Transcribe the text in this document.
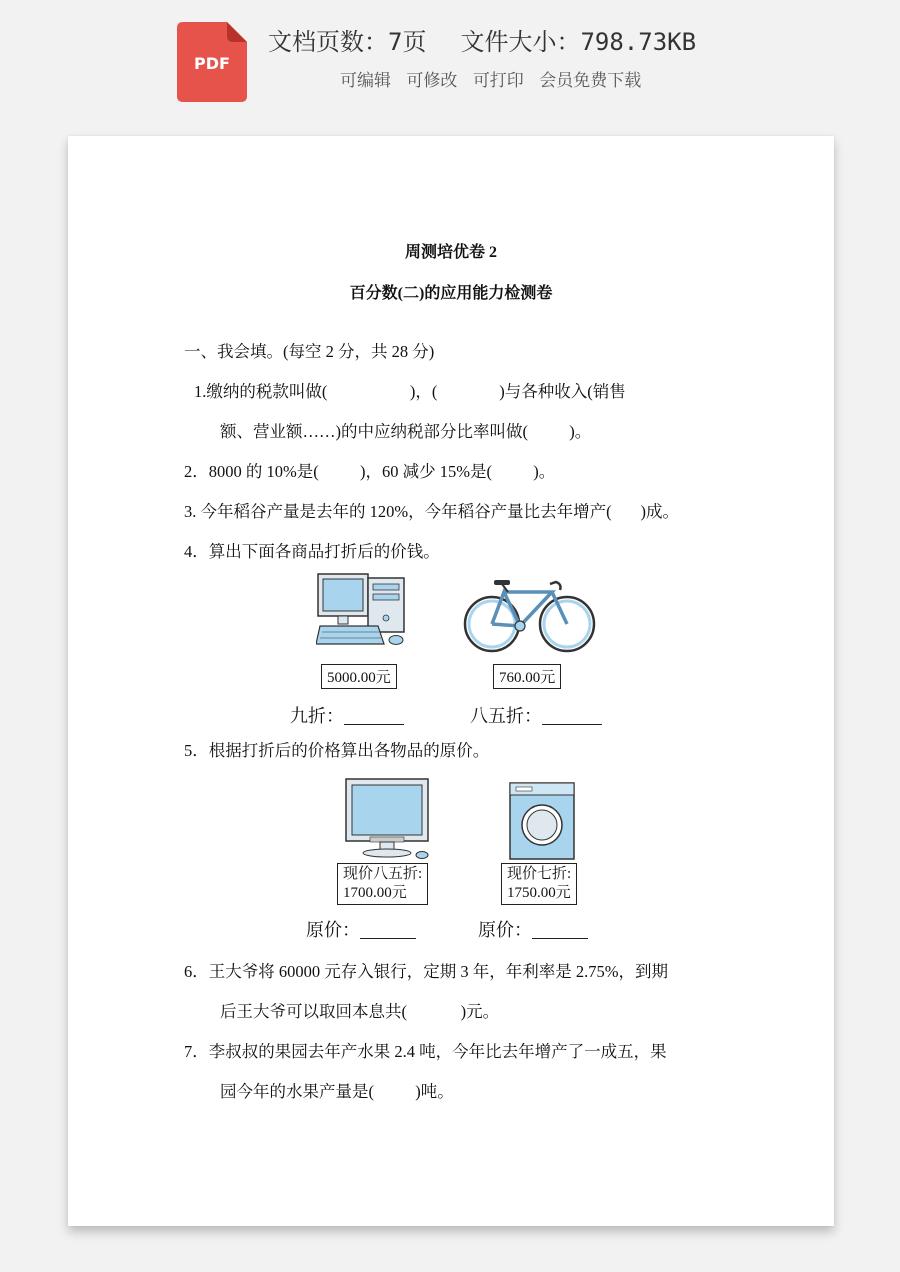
PDF
文档页数：7页 文件大小：798.73KB
可编辑 可修改 可打印 会员免费下载
周测培优卷 2
百分数(二)的应用能力检测卷
一、我会填。(每空 2 分，共 28 分)
1.缴纳的税款叫做(                    )，(               )与各种收入(销售
额、营业额……)的中应纳税部分比率叫做(          )。
2．8000 的 10%是(          )，60 减少 15%是(          )。
3. 今年稻谷产量是去年的 120%，今年稻谷产量比去年增产(       )成。
4．算出下面各商品打折后的价钱。
5000.00元	760.00元
九折：	八五折：
5．根据打折后的价格算出各物品的原价。
现价八五折:
1700.00元
现价七折:
1750.00元
原价：	原价：
6．王大爷将 60000 元存入银行，定期 3 年，年利率是 2.75%，到期
后王大爷可以取回本息共(             )元。
7．李叔叔的果园去年产水果 2.4 吨，今年比去年增产了一成五，果
园今年的水果产量是(          )吨。
